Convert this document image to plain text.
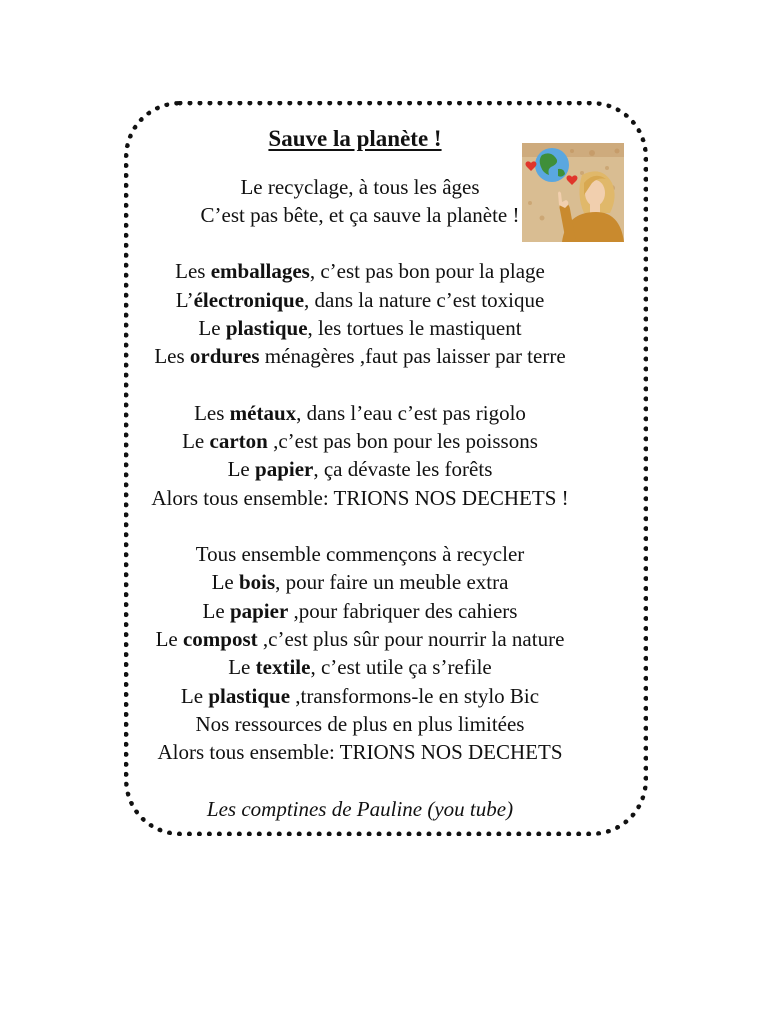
Sauve la planète !
Le recyclage, à tous les âges
C’est pas bête, et ça sauve la planète !
Les emballages, c’est pas bon pour la plage
L’électronique, dans la nature c’est toxique
Le plastique, les tortues le mastiquent
Les ordures ménagères ,faut pas laisser par terre
Les métaux, dans l’eau c’est pas rigolo
Le carton ,c’est pas bon pour les poissons
Le papier, ça dévaste les forêts
Alors tous ensemble: TRIONS NOS DECHETS !
Tous ensemble commençons à recycler
Le bois, pour faire un meuble extra
Le papier ,pour fabriquer des cahiers
Le compost ,c’est plus sûr pour nourrir la nature
Le textile, c’est utile ça s’refile
Le plastique ,transformons-le en stylo Bic
Nos ressources de plus en plus limitées
Alors tous ensemble: TRIONS NOS DECHETS
Les comptines de Pauline (you tube)
